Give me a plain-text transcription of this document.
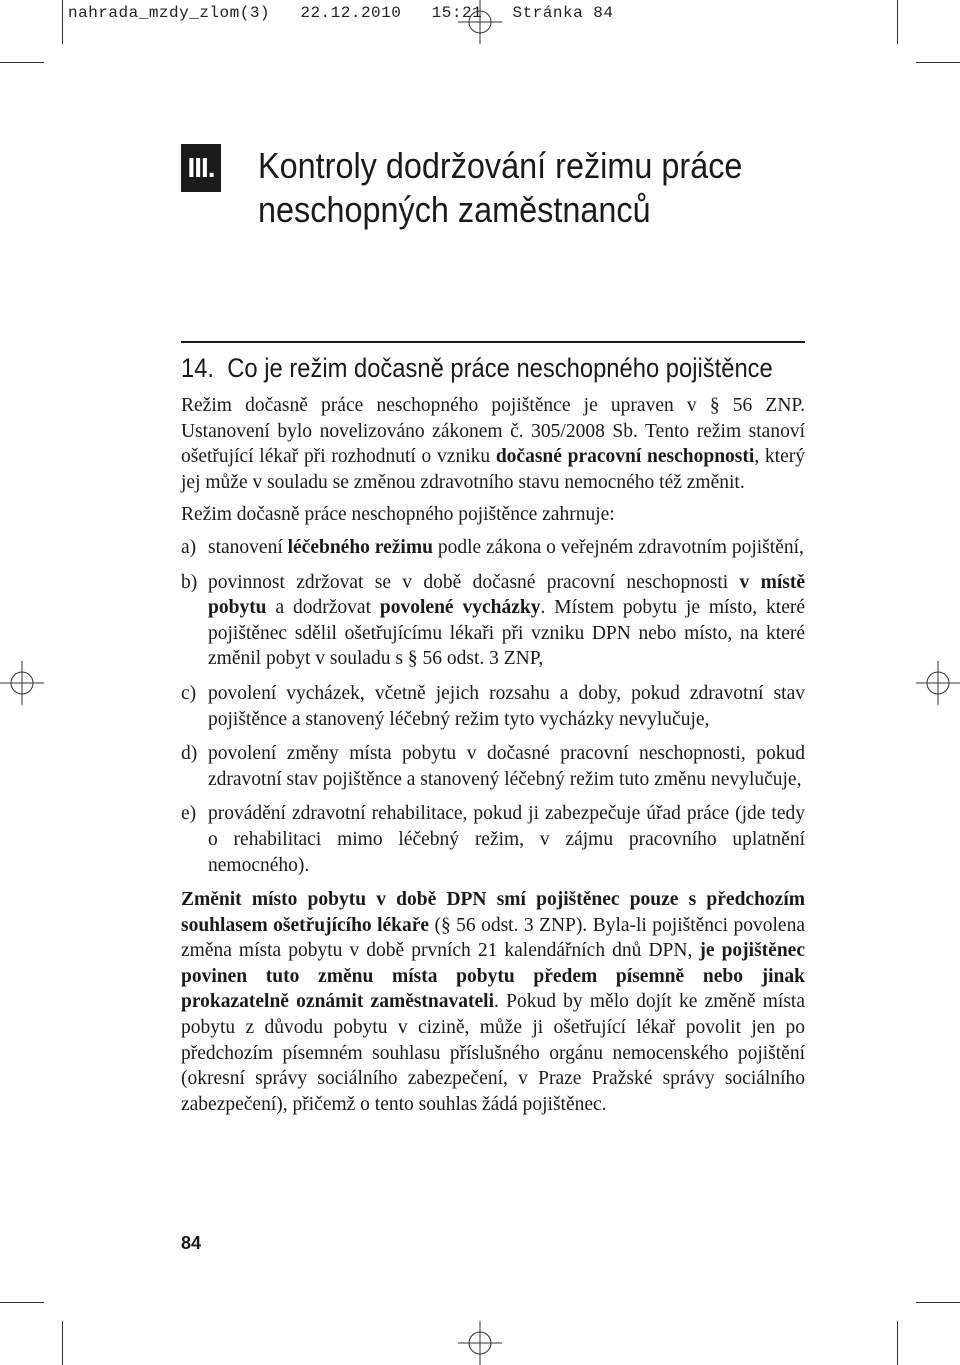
nahrada_mzdy_zlom(3)   22.12.2010   15:21   Stránka 84
III. Kontroly dodržování režimu práce
neschopných zaměstnanců
14. Co je režim dočasně práce neschopného pojištěnce

Režim dočasně práce neschopného pojištěnce je upraven v § 56 ZNP. Ustanovení bylo novelizováno zákonem č. 305/2008 Sb. Tento režim stanoví ošetřující lékař při rozhodnutí o vzniku dočasné pracovní neschopnosti, který jej může v souladu se změnou zdravotního stavu nemocného též změnit.

Režim dočasně práce neschopného pojištěnce zahrnuje:

a) stanovení léčebného režimu podle zákona o veřejném zdravotním pojištění,
b) povinnost zdržovat se v době dočasné pracovní neschopnosti v místě pobytu a dodržovat povolené vycházky. Místem pobytu je místo, které pojištěnec sdělil ošetřujícímu lékaři při vzniku DPN nebo místo, na které změnil pobyt v souladu s § 56 odst. 3 ZNP,
c) povolení vycházek, včetně jejich rozsahu a doby, pokud zdravotní stav pojištěnce a stanovený léčebný režim tyto vycházky nevylučuje,
d) povolení změny místa pobytu v dočasné pracovní neschopnosti, pokud zdravotní stav pojištěnce a stanovený léčebný režim tuto změnu nevylučuje,
e) provádění zdravotní rehabilitace, pokud ji zabezpečuje úřad práce (jde tedy o rehabilitaci mimo léčebný režim, v zájmu pracovního uplatnění nemocného).

Změnit místo pobytu v době DPN smí pojištěnec pouze s předchozím souhlasem ošetřujícího lékaře (§ 56 odst. 3 ZNP). Byla-li pojištěnci povolena změna místa pobytu v době prvních 21 kalendářních dnů DPN, je pojištěnec povinen tuto změnu místa pobytu předem písemně nebo jinak prokazatelně oznámit zaměstnavateli. Pokud by mělo dojít ke změně místa pobytu z důvodu pobytu v cizině, může ji ošetřující lékař povolit jen po předchozím písemném souhlasu příslušného orgánu nemocenského pojištění (okresní správy sociálního zabezpečení, v Praze Pražské správy sociálního zabezpečení), přičemž o tento souhlas žádá pojištěnec.

84
